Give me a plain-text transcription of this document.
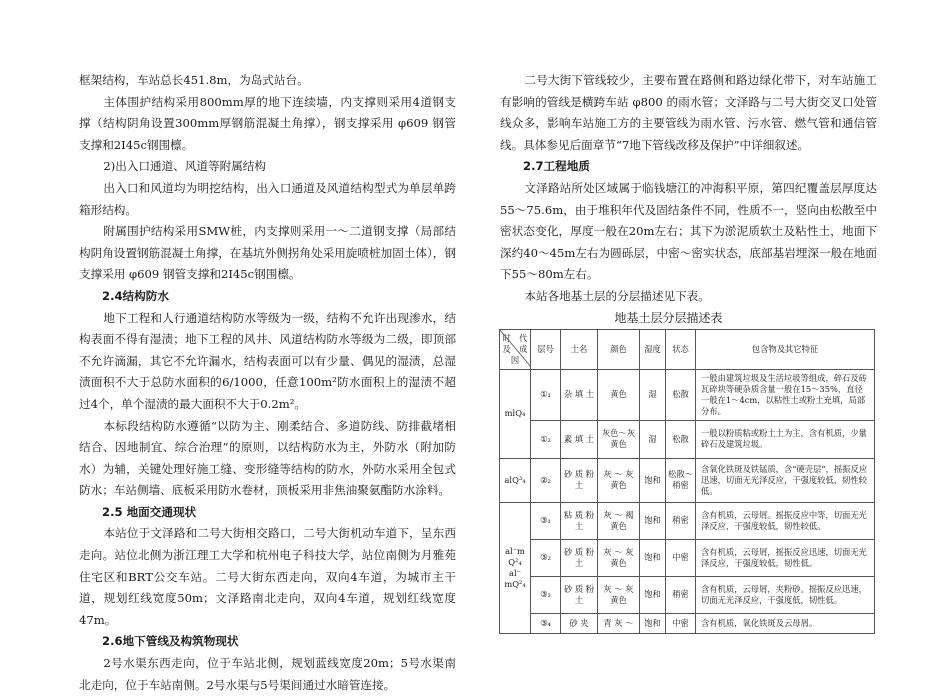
框架结构，车站总长451.8m，为岛式站台。

主体围护结构采用800mm厚的地下连续墙，内支撑则采用4道钢支撑（结构阴角设置300mm厚钢筋混凝土角撑），钢支撑采用 φ609 钢管支撑和2I45c钢围檩。

2)出入口通道、风道等附属结构

出入口和风道均为明挖结构，出入口通道及风道结构型式为单层单跨箱形结构。

附属围护结构采用SMW桩，内支撑则采用一～二道钢支撑（局部结构阴角设置钢筋混凝土角撑，在基坑外侧拐角处采用旋喷桩加固土体），钢支撑采用 φ609 钢管支撑和2I45c钢围檩。

2.4结构防水

地下工程和人行通道结构防水等级为一级，结构不允许出现渗水，结构表面不得有湿渍；地下工程的风井、风道结构防水等级为二级，即顶部不允许滴漏，其它不允许漏水，结构表面可以有少量、偶见的湿渍，总湿渍面积不大于总防水面积的6/1000，任意100m²防水面积上的湿渍不超过4个，单个湿渍的最大面积不大于0.2m²。

本标段结构防水遵循“以防为主、刚柔结合、多道防线、防排截堵相结合、因地制宜、综合治理”的原则，以结构防水为主，外防水（附加防水）为辅，关键处理好施工缝、变形缝等结构的防水，外防水采用全包式防水；车站侧墙、底板采用防水卷材，顶板采用非焦油聚氨酯防水涂料。

2.5 地面交通现状

本站位于文泽路和二号大街相交路口，二号大街机动车道下，呈东西走向。站位北侧为浙江理工大学和杭州电子科技大学，站位南侧为月雅苑住宅区和BRT公交车站。二号大街东西走向，双向4车道，为城市主干道，规划红线宽度50m；文泽路南北走向，双向4车道，规划红线宽度47m。

2.6地下管线及构筑物现状

2号水渠东西走向，位于车站北侧，规划蓝线宽度20m；5号水渠南北走向，位于车站南侧。2号水渠与5号渠间通过水暗管连接。

二号大街下管线较少，主要布置在路侧和路边绿化带下，对车站施工有影响的管线是横跨车站 φ800 的雨水管；文泽路与二号大街交叉口处管线众多，影响车站施工方的主要管线为雨水管、污水管、燃气管和通信管线。具体参见后面章节“7地下管线改移及保护”中详细叙述。

2.7工程地质

文泽路站所处区域属于临钱塘江的冲海积平原，第四纪覆盖层厚度达55～75.6m，由于堆积年代及固结条件不同，性质不一，竖向由松散至中密状态变化，厚度一般在20m左右；其下为淤泥质软土及粘性土，地面下深约40～45m左右为圆砾层，中密～密实状态，底部基岩埋深一般在地面下55～80m左右。

本站各地基土层的分层描述见下表。

地基土层分层描述表
时　代
及　成
因	层号	土名	颜色	湿度	状态	包含物及其它特征
mlQ₄	①₁	杂 填 土	黄色	湿	松散	一般由建筑垃圾及生活垃圾等组成，碎石及砖瓦碎块等硬杂质含量一般在15～35%，直径一般在1～4cm，以粘性土或粉土充填，局部分布。
	①₂	素 填 土	灰色～灰黄色	湿	松散	一般以粉质粘或粉土土为主，含有机质，少量碎石及建筑垃圾。
alQ³₄	②₂	砂 质 粉土	灰 ～ 灰黄色	饱和	松散～稍密	含氧化铁斑及铁锰质，含“硬壳层”，摇振反应迅速，切面无光泽反应，干强度较低，韧性较低。
al⁻m Q²₄ al⁻ mQ²₄	③₁	粘 质 粉土	灰 ～ 褐黄色	饱和	稍密	含有机质，云母屑。摇振反应中等，切面无光泽反应，干强度较低，韧性较低。
	③₂	砂 质 粉土	灰 ～ 灰黄色	饱和	中密	含有机质，云母屑，摇振反应迅速，切面无光泽反应，干强度较低，韧性低。
	③₃	砂 质 粉土	灰 ～ 灰黄色	饱和	稍密	含有机质，云母屑，夹粉砂。摇振反应迅速，切面无光泽反应，干强度低，韧性低。
	③₄	砂 夹	青 灰 ～	饱和	中密	含有机质，氧化铁斑及云母屑。
